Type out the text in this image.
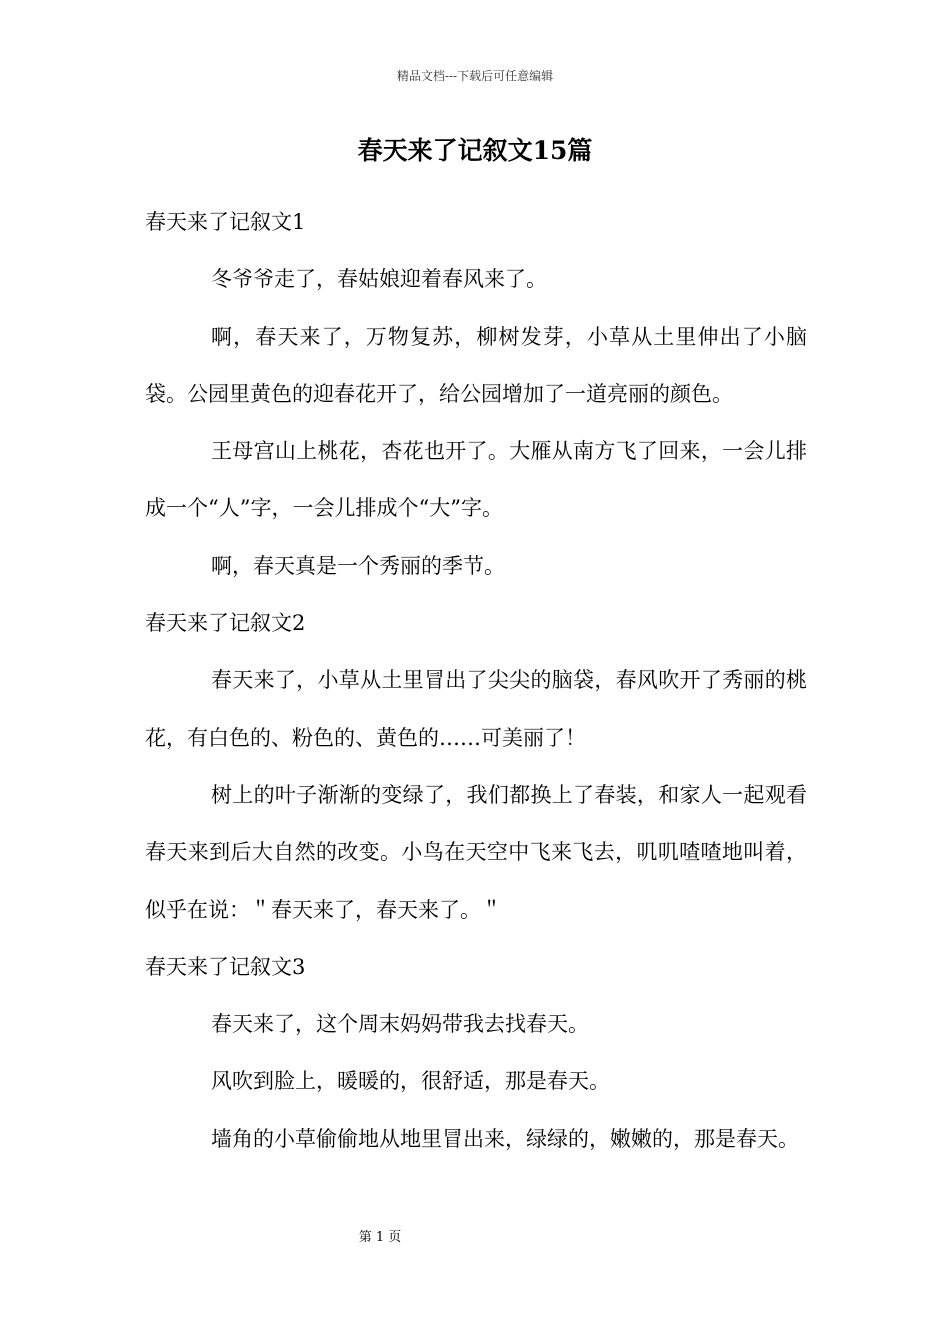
精品文档---下载后可任意编辑
春天来了记叙文15篇

春天来了记叙文1

冬爷爷走了，春姑娘迎着春风来了。

啊，春天来了，万物复苏，柳树发芽，小草从土里伸出了小脑袋。公园里黄色的迎春花开了，给公园增加了一道亮丽的颜色。

王母宫山上桃花，杏花也开了。大雁从南方飞了回来，一会儿排成一个“人”字，一会儿排成个“大”字。

啊，春天真是一个秀丽的季节。

春天来了记叙文2

春天来了，小草从土里冒出了尖尖的脑袋，春风吹开了秀丽的桃花，有白色的、粉色的、黄色的……可美丽了！

树上的叶子渐渐的变绿了，我们都换上了春装，和家人一起观看春天来到后大自然的改变。小鸟在天空中飞来飞去，叽叽喳喳地叫着，似乎在说：＂春天来了，春天来了。＂

春天来了记叙文3

春天来了，这个周末妈妈带我去找春天。

风吹到脸上，暖暖的，很舒适，那是春天。

墙角的小草偷偷地从地里冒出来，绿绿的，嫩嫩的，那是春天。

第 1 页
